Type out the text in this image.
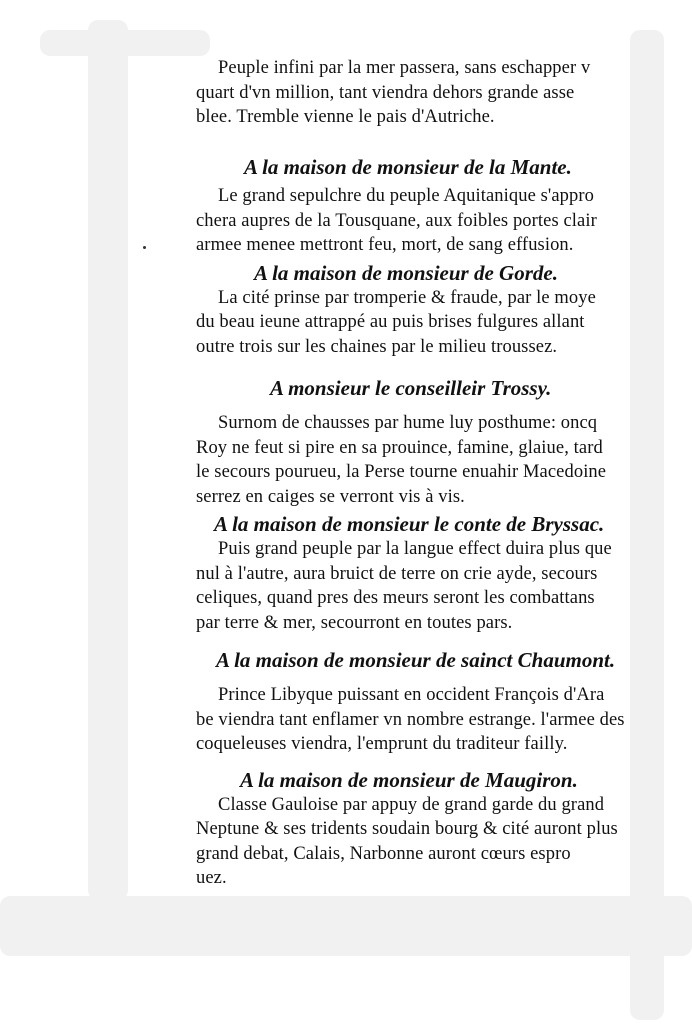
Peuple infini par la mer passera, sans eschapper v
quart d'vn million, tant viendra dehors grande asse
blee. Tremble vienne le pais d'Autriche.
A la maison de monsieur de la Mante.
Le grand sepulchre du peuple Aquitanique s'appro
chera aupres de la Tousquane, aux foibles portes clair
armee menee mettront feu, mort, de sang effusion.
A la maison de monsieur de Gorde.
La cité prinse par tromperie & fraude, par le moye
du beau ieune attrappé au puis brises fulgures allant
outre trois sur les chaines par le milieu troussez.
A monsieur le conseilleir Trossy.
Surnom de chausses par hume luy posthume: oncq
Roy ne feut si pire en sa prouince, famine, glaiue, tard
le secours pourueu, la Perse tourne enuahir Macedoine
serrez en caiges se verront vis à vis.
A la maison de monsieur le conte de Bryssac.
Puis grand peuple par la langue effect duira plus que
nul à l'autre, aura bruict de terre on crie ayde, secours
celiques, quand pres des meurs seront les combattans
par terre & mer, secourront en toutes pars.
A la maison de monsieur de sainct Chaumont.
Prince Libyque puissant en occident François d'Ara
be viendra tant enflamer vn nombre estrange. l'armee des
coqueleuses viendra, l'emprunt du traditeur failly.
A la maison de monsieur de Maugiron.
Classe Gauloise par appuy de grand garde du grand
Neptune & ses tridents soudain bourg & cité auront plus
grand debat, Calais, Narbonne auront cœurs espro
uez.
